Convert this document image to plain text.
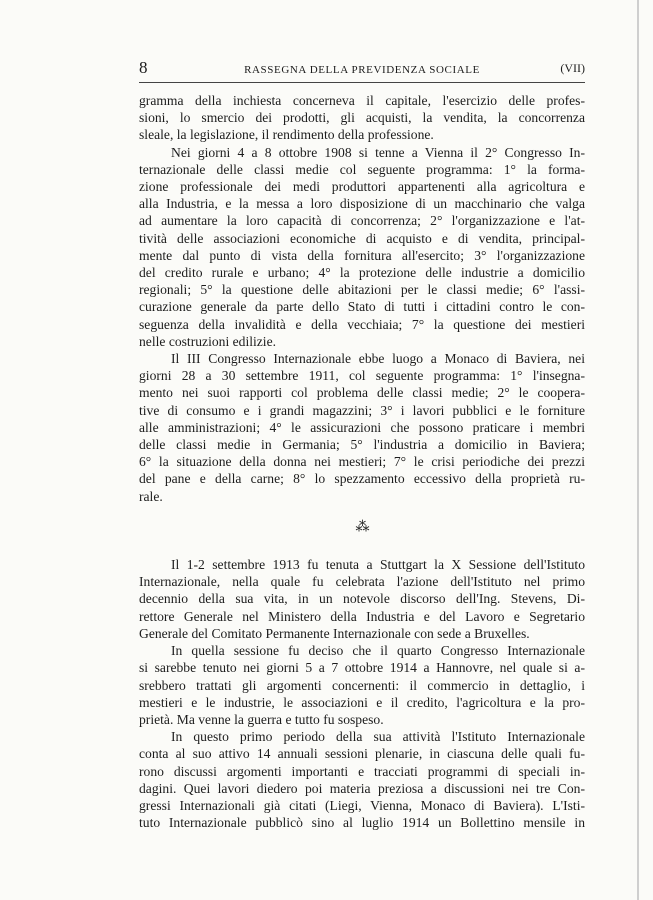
8	RASSEGNA DELLA PREVIDENZA SOCIALE	(VII)

gramma della inchiesta concerneva il capitale, l'esercizio delle profes-

sioni, lo smercio dei prodotti, gli acquisti, la vendita, la concorrenza

sleale, la legislazione, il rendimento della professione.

Nei giorni 4 a 8 ottobre 1908 si tenne a Vienna il 2° Congresso In-

ternazionale delle classi medie col seguente programma: 1° la forma-

zione professionale dei medi produttori appartenenti alla agricoltura e

alla Industria, e la messa a loro disposizione di un macchinario che valga

ad aumentare la loro capacità di concorrenza; 2° l'organizzazione e l'at-

tività delle associazioni economiche di acquisto e di vendita, principal-

mente dal punto di vista della fornitura all'esercito; 3° l'organizzazione

del credito rurale e urbano; 4° la protezione delle industrie a domicilio

regionali; 5° la questione delle abitazioni per le classi medie; 6° l'assi-

curazione generale da parte dello Stato di tutti i cittadini contro le con-

seguenza della invalidità e della vecchiaia; 7° la questione dei mestieri

nelle costruzioni edilizie.

Il III Congresso Internazionale ebbe luogo a Monaco di Baviera, nei

giorni 28 a 30 settembre 1911, col seguente programma: 1° l'insegna-

mento nei suoi rapporti col problema delle classi medie; 2° le coopera-

tive di consumo e i grandi magazzini; 3° i lavori pubblici e le forniture

alle amministrazioni; 4° le assicurazioni che possono praticare i membri

delle classi medie in Germania; 5° l'industria a domicilio in Baviera;

6° la situazione della donna nei mestieri; 7° le crisi periodiche dei prezzi

del pane e della carne; 8° lo spezzamento eccessivo della proprietà ru-

rale.

⁂

Il 1-2 settembre 1913 fu tenuta a Stuttgart la X Sessione dell'Istituto

Internazionale, nella quale fu celebrata l'azione dell'Istituto nel primo

decennio della sua vita, in un notevole discorso dell'Ing. Stevens, Di-

rettore Generale nel Ministero della Industria e del Lavoro e Segretario

Generale del Comitato Permanente Internazionale con sede a Bruxelles.

In quella sessione fu deciso che il quarto Congresso Internazionale

si sarebbe tenuto nei giorni 5 a 7 ottobre 1914 a Hannovre, nel quale si a-

srebbero trattati gli argomenti concernenti: il commercio in dettaglio, i

mestieri e le industrie, le associazioni e il credito, l'agricoltura e la pro-

prietà. Ma venne la guerra e tutto fu sospeso.

In questo primo periodo della sua attività l'Istituto Internazionale

conta al suo attivo 14 annuali sessioni plenarie, in ciascuna delle quali fu-

rono discussi argomenti importanti e tracciati programmi di speciali in-

dagini. Quei lavori diedero poi materia preziosa a discussioni nei tre Con-

gressi Internazionali già citati (Liegi, Vienna, Monaco di Baviera). L'Isti-

tuto Internazionale pubblicò sino al luglio 1914 un Bollettino mensile in
